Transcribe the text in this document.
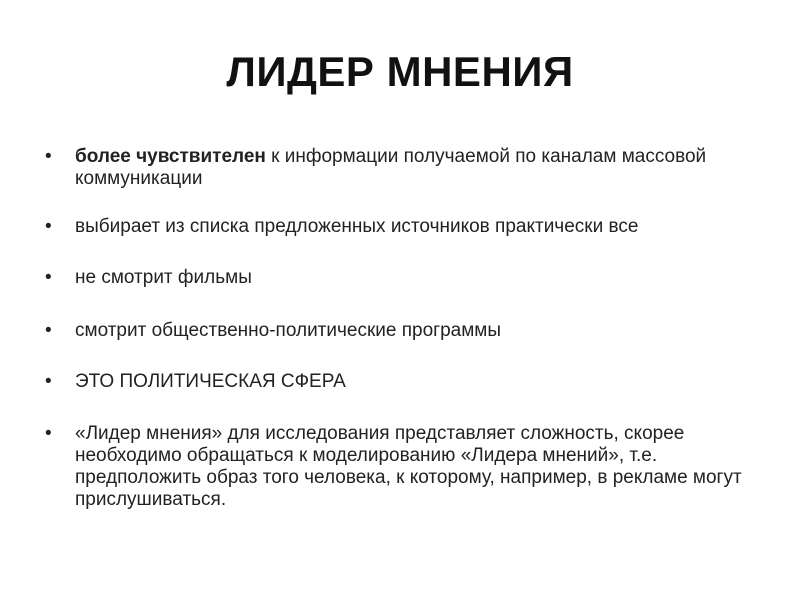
ЛИДЕР МНЕНИЯ
•	более чувствителен к информации получаемой по каналам массовой коммуникации
•	выбирает из списка предложенных источников практически все
•	не смотрит фильмы
•	смотрит общественно-политические программы
•	ЭТО ПОЛИТИЧЕСКАЯ СФЕРА
•	«Лидер мнения» для исследования представляет сложность, скорее необходимо обращаться к моделированию «Лидера мнений», т.е. предположить образ того человека, к которому, например, в рекламе могут прислушиваться.
